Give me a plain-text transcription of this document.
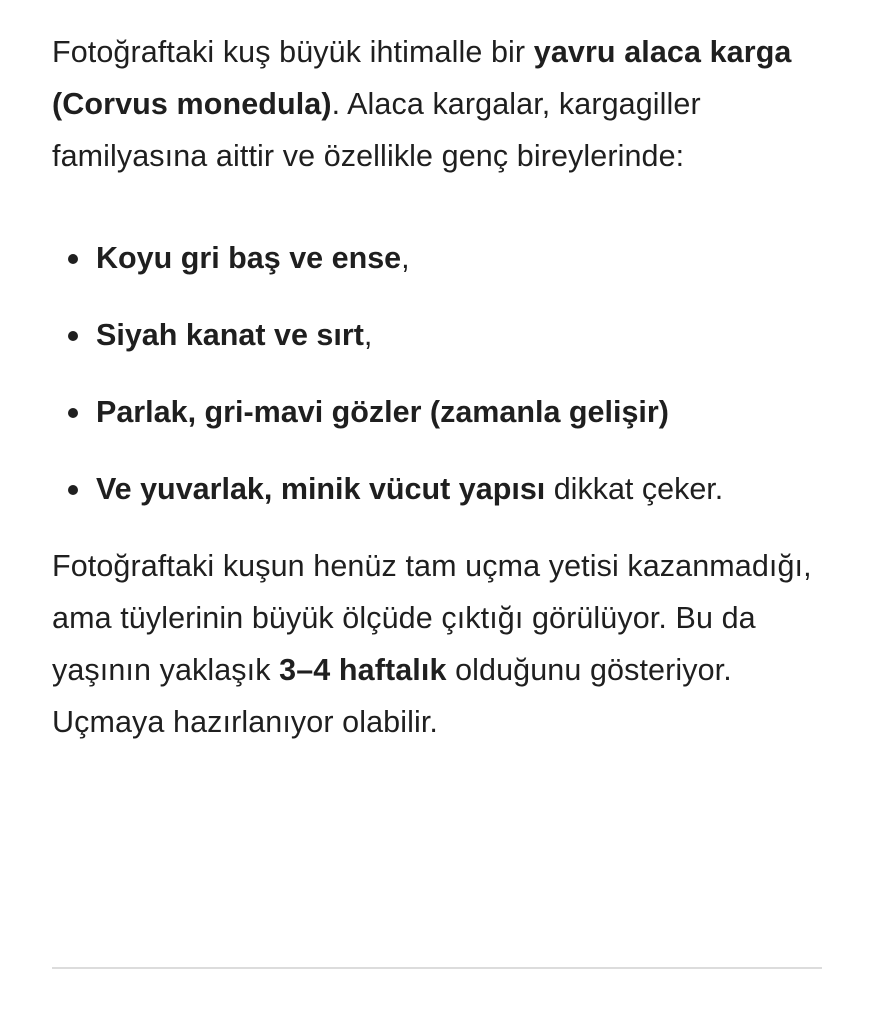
Fotoğraftaki kuş büyük ihtimalle bir yavru alaca karga (Corvus monedula). Alaca kargalar, kargagiller familyasına aittir ve özellikle genç bireylerinde:

Koyu gri baş ve ense,
Siyah kanat ve sırt,
Parlak, gri-mavi gözler (zamanla gelişir)
Ve yuvarlak, minik vücut yapısı dikkat çeker.

Fotoğraftaki kuşun henüz tam uçma yetisi kazanmadığı, ama tüylerinin büyük ölçüde çıktığı görülüyor. Bu da yaşının yaklaşık 3–4 haftalık olduğunu gösteriyor. Uçmaya hazırlanıyor olabilir.
